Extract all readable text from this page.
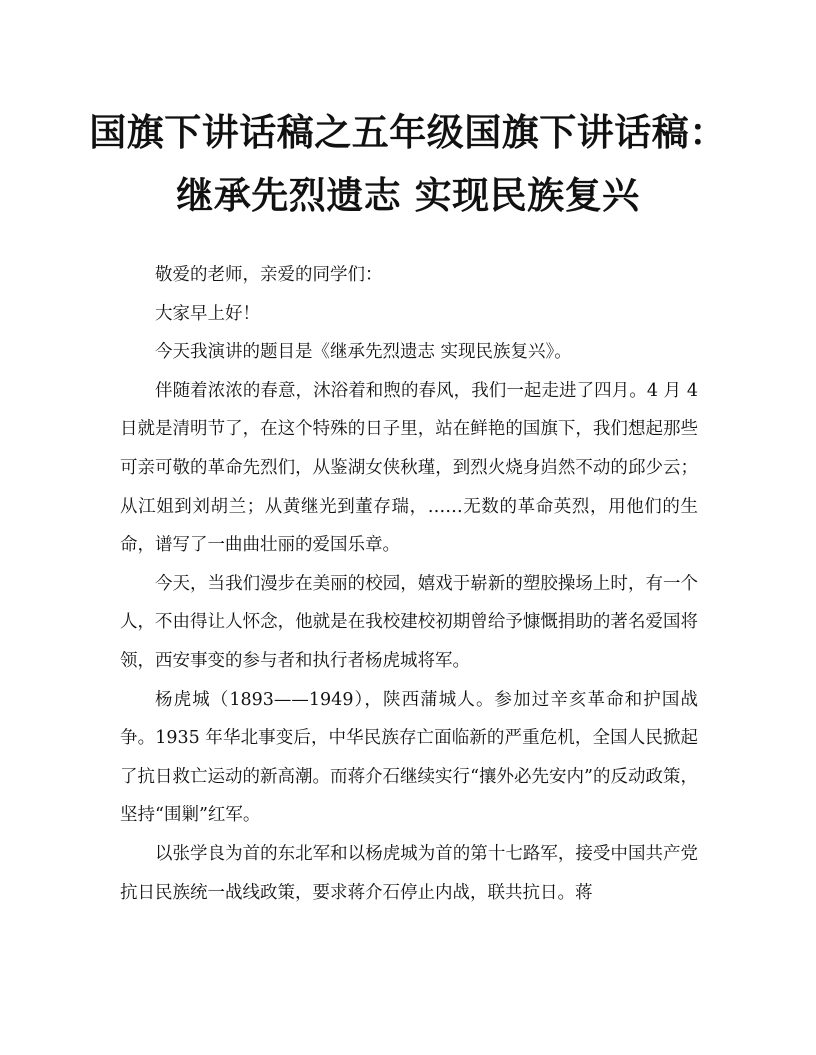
国旗下讲话稿之五年级国旗下讲话稿：
继承先烈遗志 实现民族复兴

敬爱的老师，亲爱的同学们：

大家早上好！

今天我演讲的题目是《继承先烈遗志 实现民族复兴》。

伴随着浓浓的春意，沐浴着和煦的春风，我们一起走进了四月。4 月 4 日就是清明节了，在这个特殊的日子里，站在鲜艳的国旗下，我们想起那些可亲可敬的革命先烈们，从鉴湖女侠秋瑾，到烈火烧身岿然不动的邱少云；从江姐到刘胡兰；从黄继光到董存瑞，……无数的革命英烈，用他们的生命，谱写了一曲曲壮丽的爱国乐章。

今天，当我们漫步在美丽的校园，嬉戏于崭新的塑胶操场上时，有一个人，不由得让人怀念，他就是在我校建校初期曾给予慷慨捐助的著名爱国将领，西安事变的参与者和执行者杨虎城将军。

杨虎城（1893——1949），陕西蒲城人。参加过辛亥革命和护国战争。1935 年华北事变后，中华民族存亡面临新的严重危机，全国人民掀起了抗日救亡运动的新高潮。而蒋介石继续实行“攘外必先安内”的反动政策，坚持“围剿”红军。

以张学良为首的东北军和以杨虎城为首的第十七路军，接受中国共产党抗日民族统一战线政策，要求蒋介石停止内战，联共抗日。蒋
